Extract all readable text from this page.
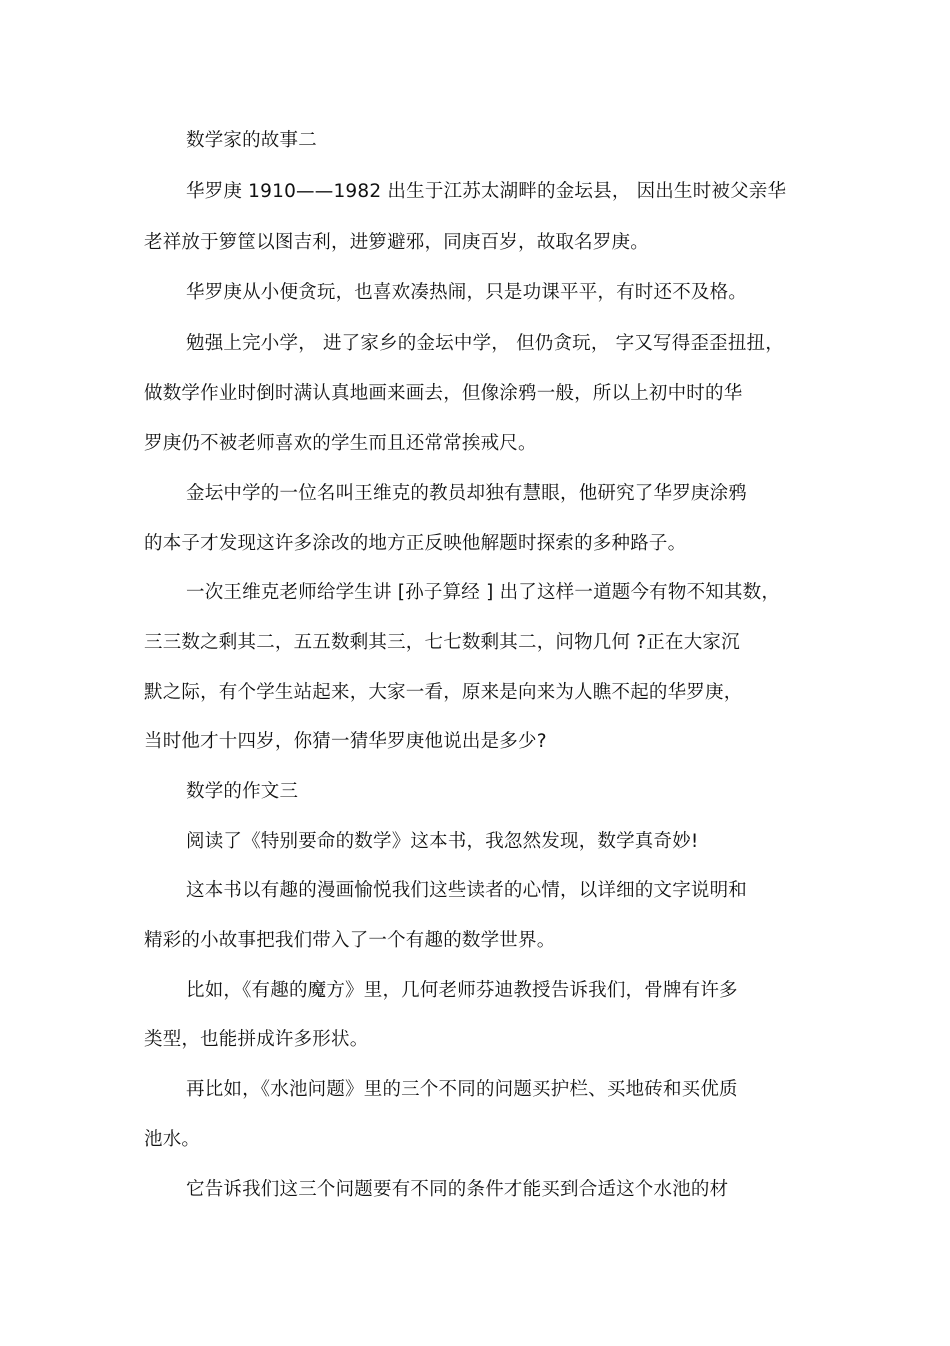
数学家的故事二
华罗庚 1910——1982 出生于江苏太湖畔的金坛县， 因出生时被父亲华
老祥放于箩筐以图吉利，进箩避邪，同庚百岁，故取名罗庚。
华罗庚从小便贪玩，也喜欢凑热闹，只是功课平平，有时还不及格。
勉强上完小学， 进了家乡的金坛中学， 但仍贪玩， 字又写得歪歪扭扭，
做数学作业时倒时满认真地画来画去，但像涂鸦一般，所以上初中时的华
罗庚仍不被老师喜欢的学生而且还常常挨戒尺。
金坛中学的一位名叫王维克的教员却独有慧眼，他研究了华罗庚涂鸦
的本子才发现这许多涂改的地方正反映他解题时探索的多种路子。
一次王维克老师给学生讲 [孙子算经 ] 出了这样一道题今有物不知其数，
三三数之剩其二，五五数剩其三，七七数剩其二，问物几何 ?正在大家沉
默之际，有个学生站起来，大家一看，原来是向来为人瞧不起的华罗庚，
当时他才十四岁，你猜一猜华罗庚他说出是多少?
数学的作文三
阅读了《特别要命的数学》这本书，我忽然发现，数学真奇妙!
这本书以有趣的漫画愉悦我们这些读者的心情，以详细的文字说明和
精彩的小故事把我们带入了一个有趣的数学世界。
比如，《有趣的魔方》里，几何老师芬迪教授告诉我们，骨牌有许多
类型，也能拼成许多形状。
再比如，《水池问题》里的三个不同的问题买护栏、买地砖和买优质
池水。
它告诉我们这三个问题要有不同的条件才能买到合适这个水池的材
